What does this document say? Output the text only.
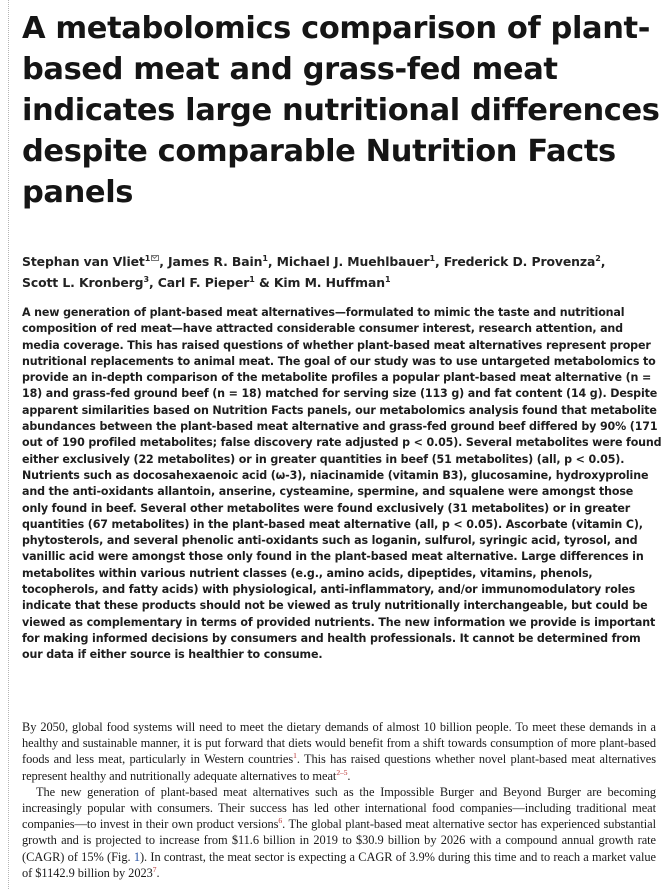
A metabolomics comparison of plant-based meat and grass-fed meat indicates large nutritional differences despite comparable Nutrition Facts panels
Stephan van Vliet$^1$ , James R. Bain$^1$, Michael J. Muehlbauer$^1$, Frederick D. Provenza$^2$,
Scott L. Kronberg$^3$, Carl F. Pieper$^1$ & Kim M. Huffman$^1$

A new generation of plant-based meat alternatives—formulated to mimic the taste and nutritional composition of red meat—have attracted considerable consumer interest, research attention, and media coverage. This has raised questions of whether plant-based meat alternatives represent proper nutritional replacements to animal meat. The goal of our study was to use untargeted metabolomics to provide an in-depth comparison of the metabolite profiles a popular plant-based meat alternative (n = 18) and grass-fed ground beef (n = 18) matched for serving size (113 g) and fat content (14 g). Despite apparent similarities based on Nutrition Facts panels, our metabolomics analysis found that metabolite abundances between the plant-based meat alternative and grass-fed ground beef differed by 90% (171 out of 190 profiled metabolites; false discovery rate adjusted p < 0.05). Several metabolites were found either exclusively (22 metabolites) or in greater quantities in beef (51 metabolites) (all, p < 0.05). Nutrients such as docosahexaenoic acid (ω-3), niacinamide (vitamin B3), glucosamine, hydroxyproline and the anti-oxidants allantoin, anserine, cysteamine, spermine, and squalene were amongst those only found in beef. Several other metabolites were found exclusively (31 metabolites) or in greater quantities (67 metabolites) in the plant-based meat alternative (all, p < 0.05). Ascorbate (vitamin C), phytosterols, and several phenolic anti-oxidants such as loganin, sulfurol, syringic acid, tyrosol, and vanillic acid were amongst those only found in the plant-based meat alternative. Large differences in metabolites within various nutrient classes (e.g., amino acids, dipeptides, vitamins, phenols, tocopherols, and fatty acids) with physiological, anti-inflammatory, and/or immunomodulatory roles indicate that these products should not be viewed as truly nutritionally interchangeable, but could be viewed as complementary in terms of provided nutrients. The new information we provide is important for making informed decisions by consumers and health professionals. It cannot be determined from our data if either source is healthier to consume.

By 2050, global food systems will need to meet the dietary demands of almost 10 billion people. To meet these demands in a healthy and sustainable manner, it is put forward that diets would benefit from a shift towards consumption of more plant-based foods and less meat, particularly in Western countries$^1$. This has raised questions whether novel plant-based meat alternatives represent healthy and nutritionally adequate alternatives to meat$^{2-5}$.

The new generation of plant-based meat alternatives such as the Impossible Burger and Beyond Burger are becoming increasingly popular with consumers. Their success has led other international food companies—including traditional meat companies—to invest in their own product versions$^6$. The global plant-based meat alternative sector has experienced substantial growth and is projected to increase from $11.6 billion in 2019 to $30.9 billion by 2026 with a compound annual growth rate (CAGR) of 15% (Fig. 1). In contrast, the meat sector is expecting a CAGR of 3.9% during this time and to reach a market value of $1142.9 billion by 2023$^7$.
